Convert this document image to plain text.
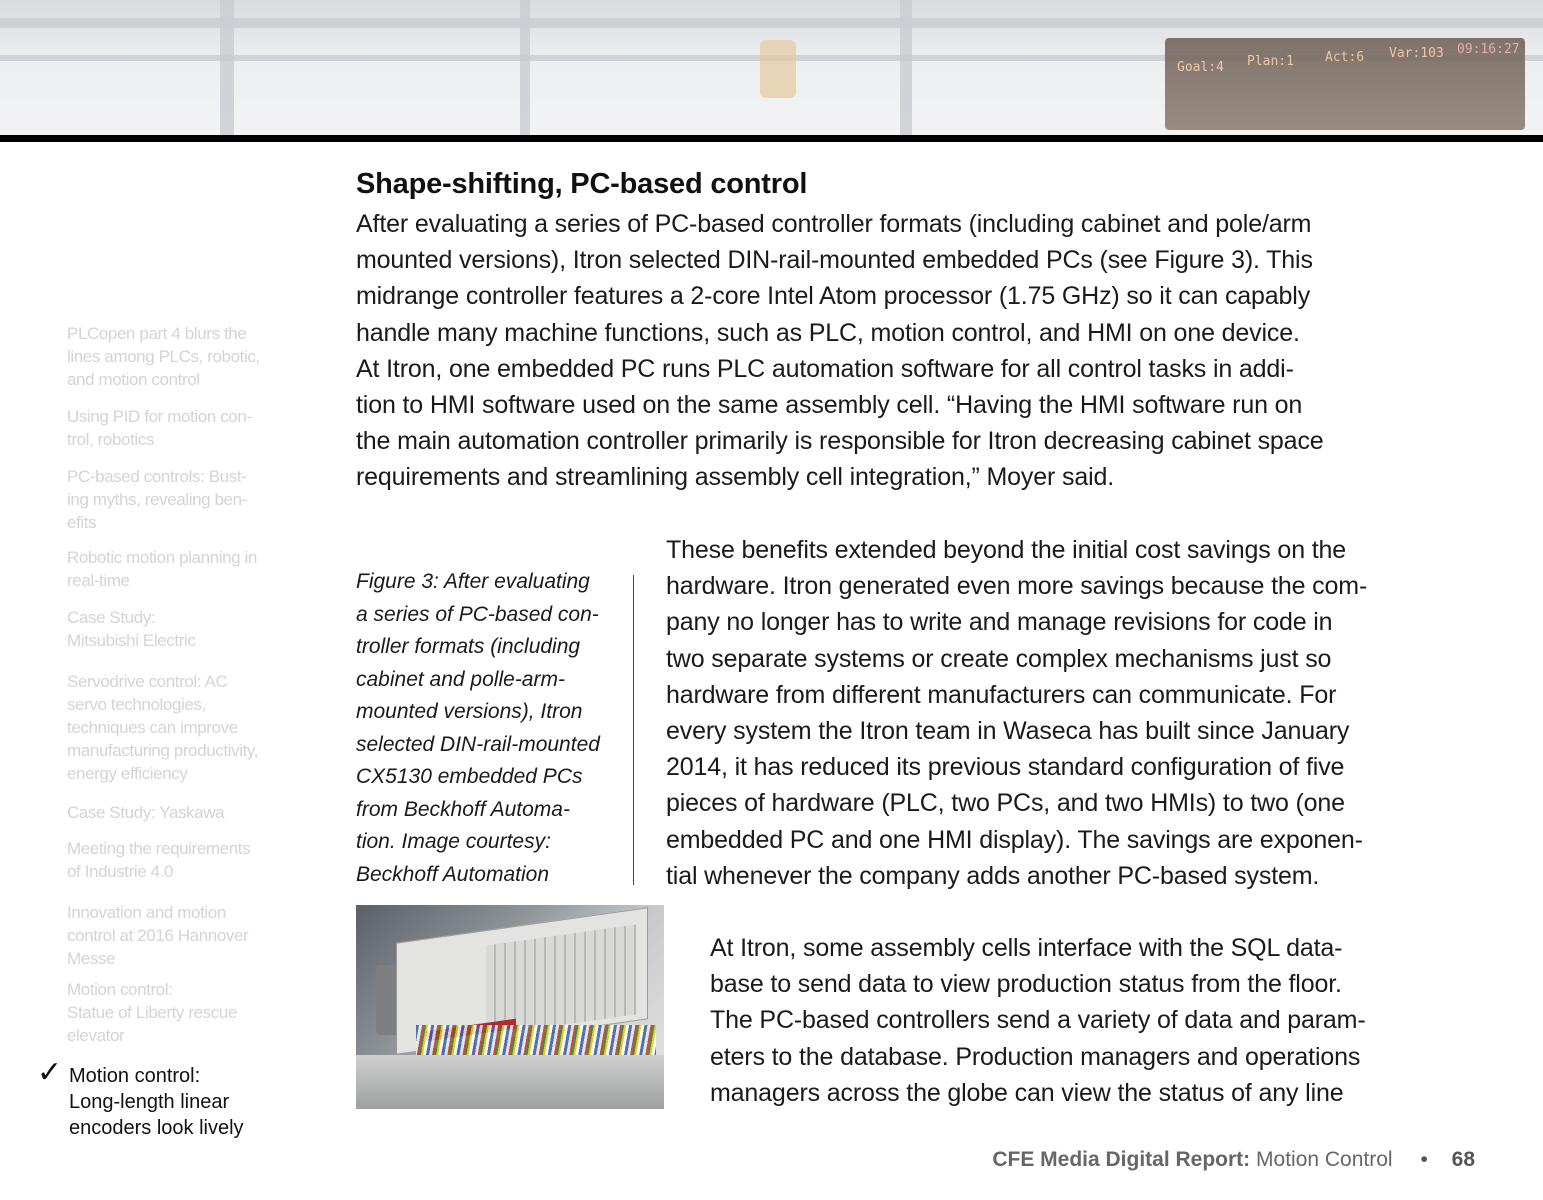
Goal:4 Plan:1 Act:6 Var:103 09:16:27

PLCopen part 4 blurs the
lines among PLCs, robotic,
and motion control

Using PID for motion con-
trol, robotics

PC-based controls: Bust-
ing myths, revealing ben-
efits

Robotic motion planning in
real-time

Case Study:
Mitsubishi Electric

Servodrive control: AC
servo technologies,
techniques can improve
manufacturing productivity,
energy efficiency

Case Study: Yaskawa

Meeting the requirements
of Industrie 4.0

Innovation and motion
control at 2016 Hannover
Messe

Motion control:
Statue of Liberty rescue
elevator

✓ Motion control:
Long-length linear
encoders look lively
Shape-shifting, PC-based control

After evaluating a series of PC-based controller formats (including cabinet and pole/arm
mounted versions), Itron selected DIN-rail-mounted embedded PCs (see Figure 3). This
midrange controller features a 2-core Intel Atom processor (1.75 GHz) so it can capably
handle many machine functions, such as PLC, motion control, and HMI on one device.
At Itron, one embedded PC runs PLC automation software for all control tasks in addi-
tion to HMI software used on the same assembly cell. “Having the HMI software run on
the main automation controller primarily is responsible for Itron decreasing cabinet space
requirements and streamlining assembly cell integration,” Moyer said.

Figure 3: After evaluating
a series of PC-based con-
troller formats (including
cabinet and polle-arm-
mounted versions), Itron
selected DIN-rail-mounted
CX5130 embedded PCs
from Beckhoff Automa-
tion. Image courtesy:
Beckhoff Automation

These benefits extended beyond the initial cost savings on the
hardware. Itron generated even more savings because the com-
pany no longer has to write and manage revisions for code in
two separate systems or create complex mechanisms just so
hardware from different manufacturers can communicate. For
every system the Itron team in Waseca has built since January
2014, it has reduced its previous standard configuration of five
pieces of hardware (PLC, two PCs, and two HMIs) to two (one
embedded PC and one HMI display). The savings are exponen-
tial whenever the company adds another PC-based system.

At Itron, some assembly cells interface with the SQL data-
base to send data to view production status from the floor.
The PC-based controllers send a variety of data and param-
eters to the database. Production managers and operations
managers across the globe can view the status of any line

CFE Media Digital Report: Motion Control • 68
